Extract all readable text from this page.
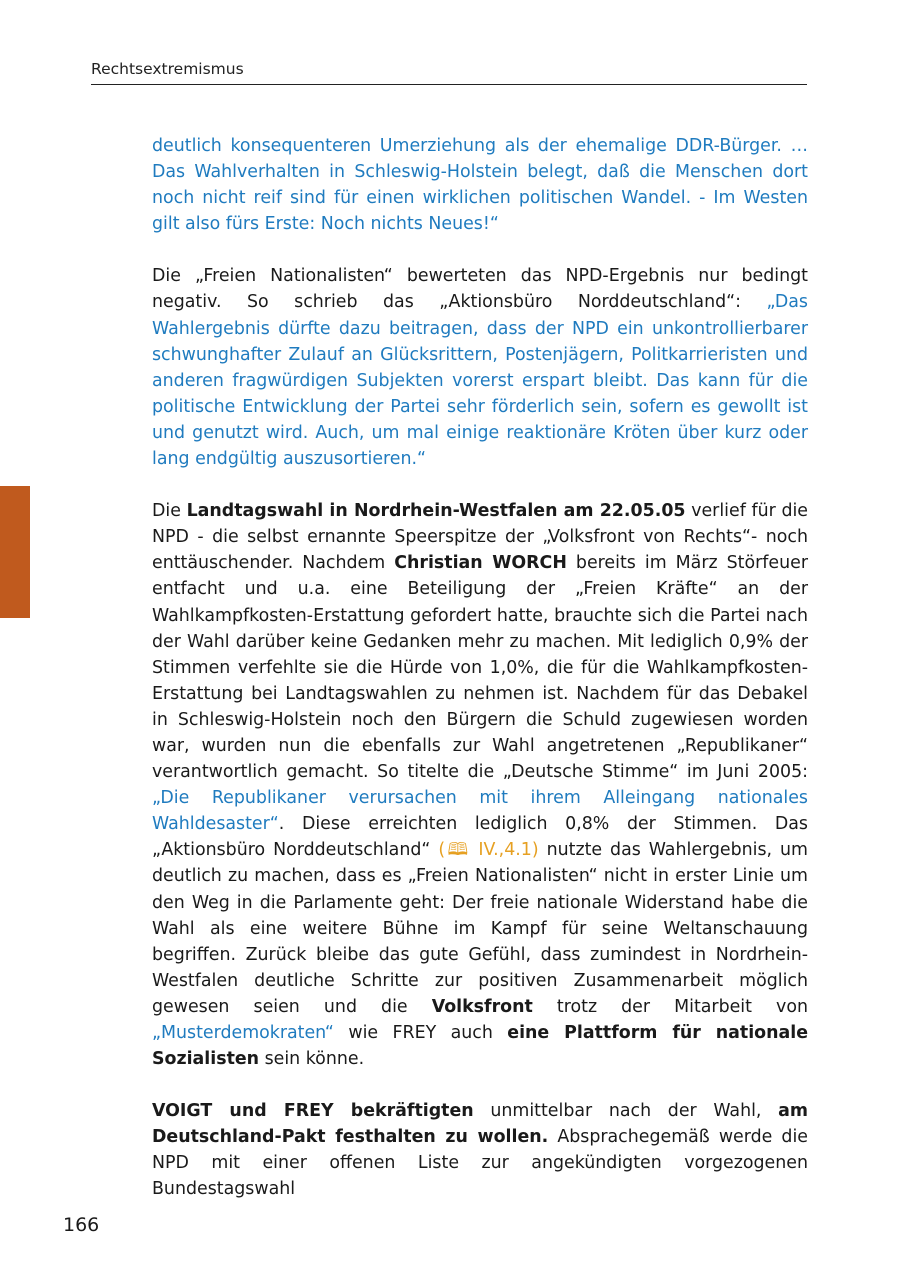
Rechtsextremismus

deutlich konsequenteren Umerziehung als der ehemalige DDR-Bürger. …Das Wahlverhalten in Schleswig-Holstein belegt, daß die Menschen dort noch nicht reif sind für einen wirklichen politischen Wandel. - Im Westen gilt also fürs Erste: Noch nichts Neues!“

Die „Freien Nationalisten“ bewerteten das NPD-Ergebnis nur bedingt negativ. So schrieb das „Aktionsbüro Norddeutschland“: „Das Wahlergebnis dürfte dazu beitragen, dass der NPD ein unkontrollierbarer schwunghafter Zulauf an Glücksrittern, Postenjägern, Politkarrieristen und anderen fragwürdigen Subjekten vorerst erspart bleibt. Das kann für die politische Entwicklung der Partei sehr förderlich sein, sofern es gewollt ist und genutzt wird. Auch, um mal einige reaktionäre Kröten über kurz oder lang endgültig auszusortieren.“

Die Landtagswahl in Nordrhein-Westfalen am 22.05.05 verlief für die NPD - die selbst ernannte Speerspitze der „Volksfront von Rechts“- noch enttäuschender. Nachdem Christian WORCH bereits im März Störfeuer entfacht und u.a. eine Beteiligung der „Freien Kräfte“ an der Wahlkampfkosten-Erstattung gefordert hatte, brauchte sich die Partei nach der Wahl darüber keine Gedanken mehr zu machen. Mit lediglich 0,9% der Stimmen verfehlte sie die Hürde von 1,0%, die für die Wahlkampfkosten-Erstattung bei Landtagswahlen zu nehmen ist. Nachdem für das Debakel in Schleswig-Holstein noch den Bürgern die Schuld zugewiesen worden war, wurden nun die ebenfalls zur Wahl angetretenen „Republikaner“ verantwortlich gemacht. So titelte die „Deutsche Stimme“ im Juni 2005: „Die Republikaner verursachen mit ihrem Alleingang nationales Wahldesaster“. Diese erreichten lediglich 0,8% der Stimmen. Das „Aktionsbüro Norddeutschland“ (🕮 IV.,4.1) nutzte das Wahlergebnis, um deutlich zu machen, dass es „Freien Nationalisten“ nicht in erster Linie um den Weg in die Parlamente geht: Der freie nationale Widerstand habe die Wahl als eine weitere Bühne im Kampf für seine Weltanschauung begriffen. Zurück bleibe das gute Gefühl, dass zumindest in Nordrhein-Westfalen deutliche Schritte zur positiven Zusammenarbeit möglich gewesen seien und die Volksfront trotz der Mitarbeit von „Musterdemokraten“ wie FREY auch eine Plattform für nationale Sozialisten sein könne.

VOIGT und FREY bekräftigten unmittelbar nach der Wahl, am Deutschland-Pakt festhalten zu wollen. Absprachegemäß werde die NPD mit einer offenen Liste zur angekündigten vorgezogenen Bundestagswahl

166
